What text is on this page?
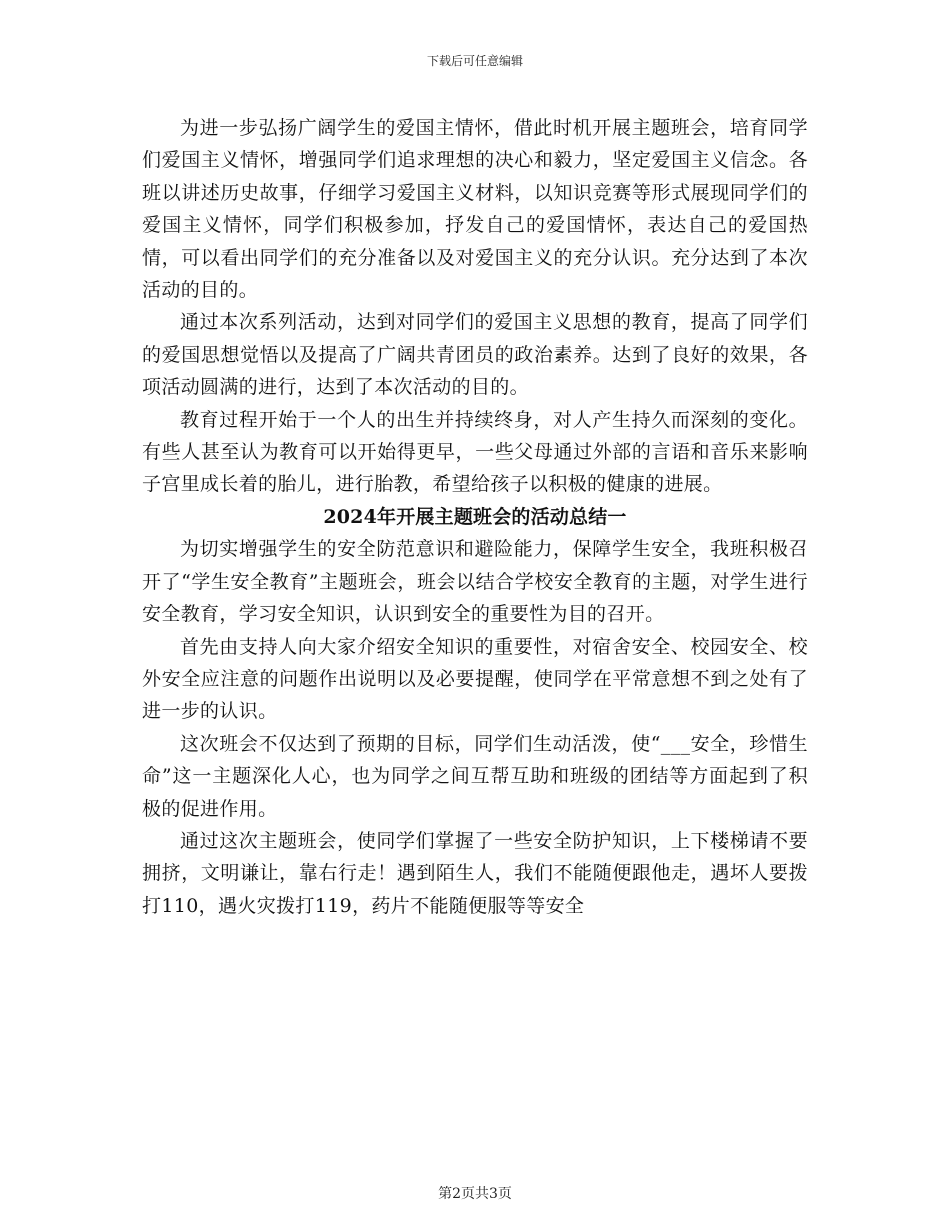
下载后可任意编辑

为进一步弘扬广阔学生的爱国主情怀，借此时机开展主题班会，培育同学们爱国主义情怀，增强同学们追求理想的决心和毅力，坚定爱国主义信念。各班以讲述历史故事，仔细学习爱国主义材料，以知识竞赛等形式展现同学们的爱国主义情怀，同学们积极参加，抒发自己的爱国情怀，表达自己的爱国热情，可以看出同学们的充分准备以及对爱国主义的充分认识。充分达到了本次活动的目的。

通过本次系列活动，达到对同学们的爱国主义思想的教育，提高了同学们的爱国思想觉悟以及提高了广阔共青团员的政治素养。达到了良好的效果，各项活动圆满的进行，达到了本次活动的目的。

教育过程开始于一个人的出生并持续终身，对人产生持久而深刻的变化。有些人甚至认为教育可以开始得更早，一些父母通过外部的言语和音乐来影响子宫里成长着的胎儿，进行胎教，希望给孩子以积极的健康的进展。

2024年开展主题班会的活动总结一

为切实增强学生的安全防范意识和避险能力，保障学生安全，我班积极召开了“学生安全教育”主题班会，班会以结合学校安全教育的主题，对学生进行安全教育，学习安全知识，认识到安全的重要性为目的召开。

首先由支持人向大家介绍安全知识的重要性，对宿舍安全、校园安全、校外安全应注意的问题作出说明以及必要提醒，使同学在平常意想不到之处有了进一步的认识。

这次班会不仅达到了预期的目标，同学们生动活泼，使“___安全，珍惜生命”这一主题深化人心，也为同学之间互帮互助和班级的团结等方面起到了积极的促进作用。

通过这次主题班会，使同学们掌握了一些安全防护知识，上下楼梯请不要拥挤，文明谦让，靠右行走！遇到陌生人，我们不能随便跟他走，遇坏人要拨打110，遇火灾拨打119，药片不能随便服等等安全

第2页共3页
